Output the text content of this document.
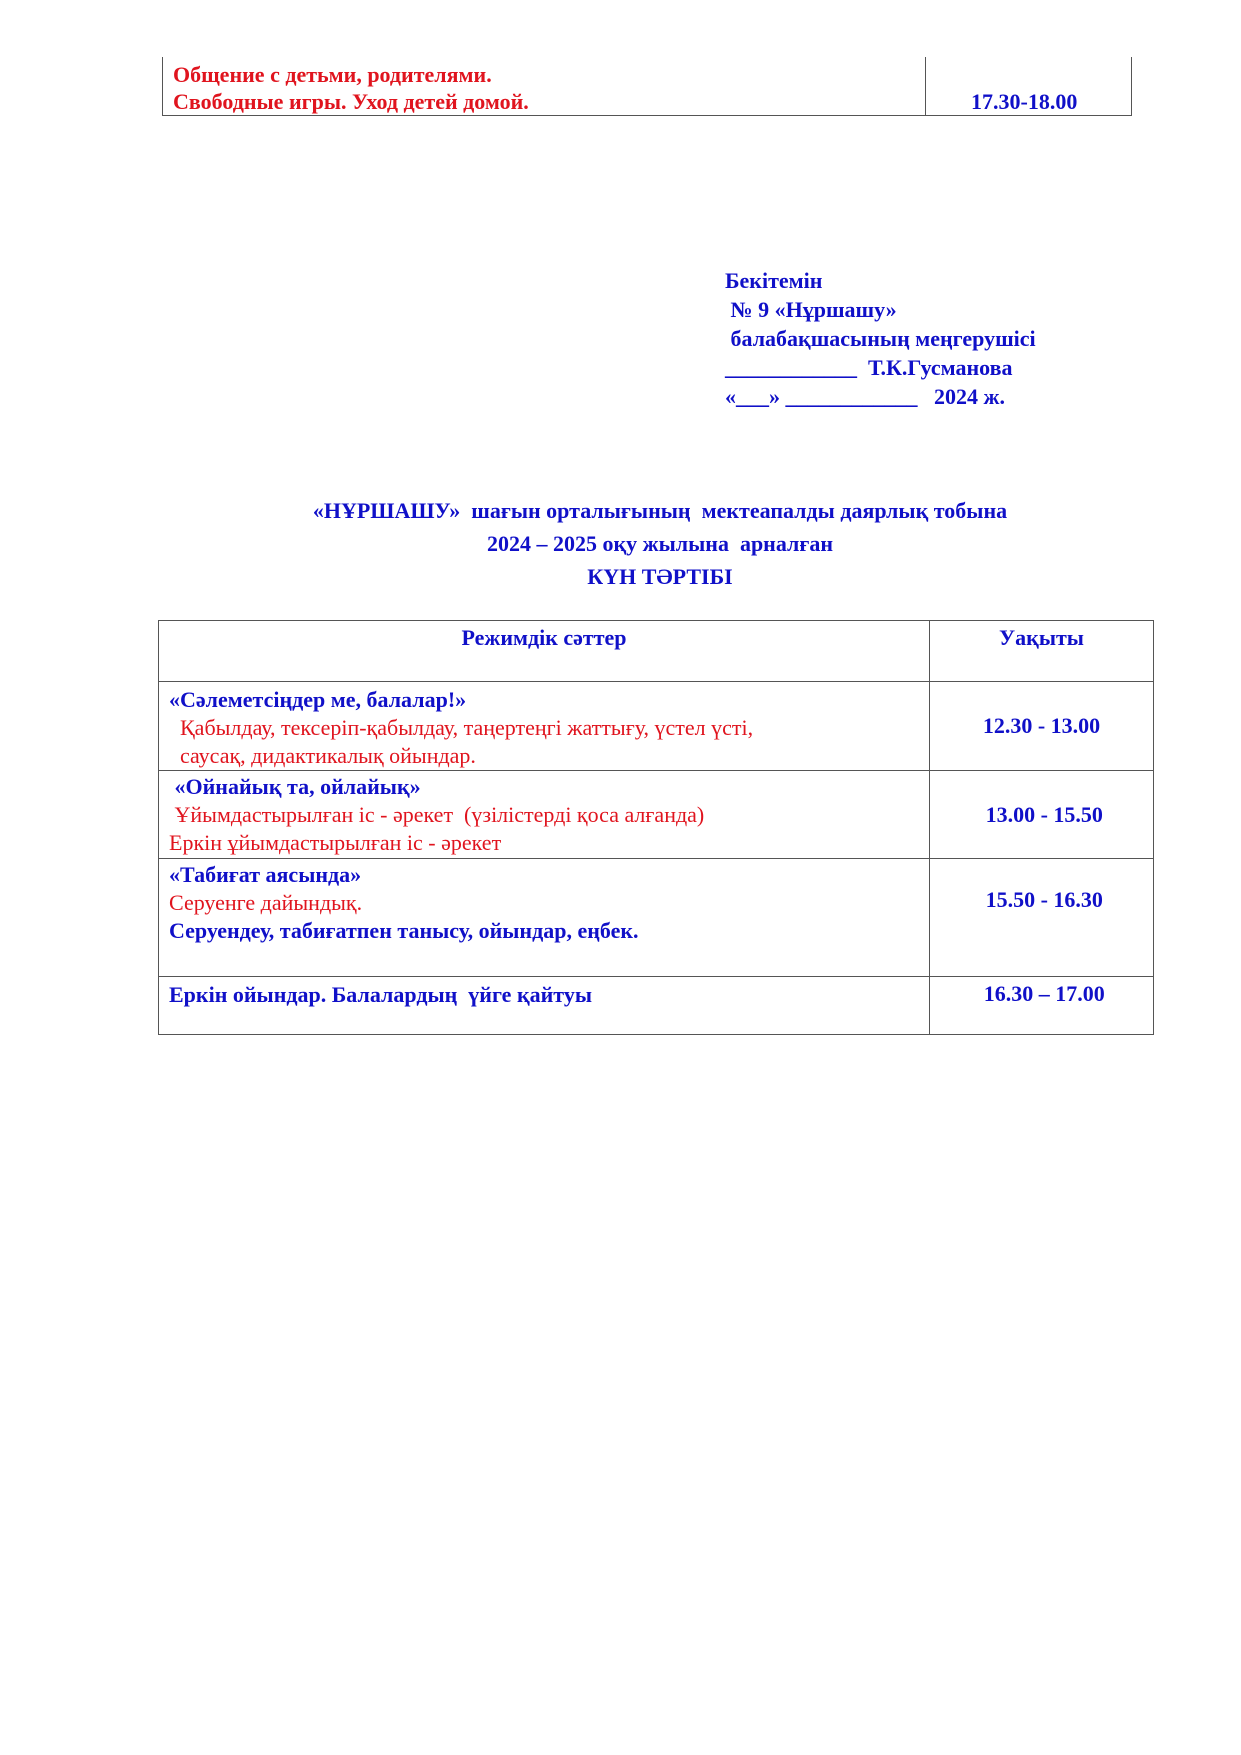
Общение с детьми, родителями.
Свободные игры. Уход детей домой.	17.30-18.00
Бекітемін
№ 9 «Нұршашу»
балабақшасының меңгерушісі
____________  Т.К.Гусманова
«___» ____________   2024 ж.
«НҰРШАШУ»  шағын орталығының  мектеапалды даярлық тобына
2024 – 2025 оқу жылына  арналған
КҮН ТӘРТІБІ
Режимдік сәттер	Уақыты

«Сәлеметсіңдер ме, балалар!»
Қабылдау, тексеріп-қабылдау, таңертеңгі жаттығу, үстел үсті,
саусақ, дидактикалық ойындар.	12.30 - 13.00

«Ойнайық та, ойлайық»
Ұйымдастырылған іс - әрекет  (үзілістерді қоса алғанда)
Еркін ұйымдастырылған іс - әрекет	13.00 - 15.50

«Табиғат аясында»
Серуенге дайындық.
Серуендеу, табиғатпен танысу, ойындар, еңбек.	15.50 - 16.30

Еркін ойындар. Балалардың  үйге қайтуы	16.30 – 17.00
